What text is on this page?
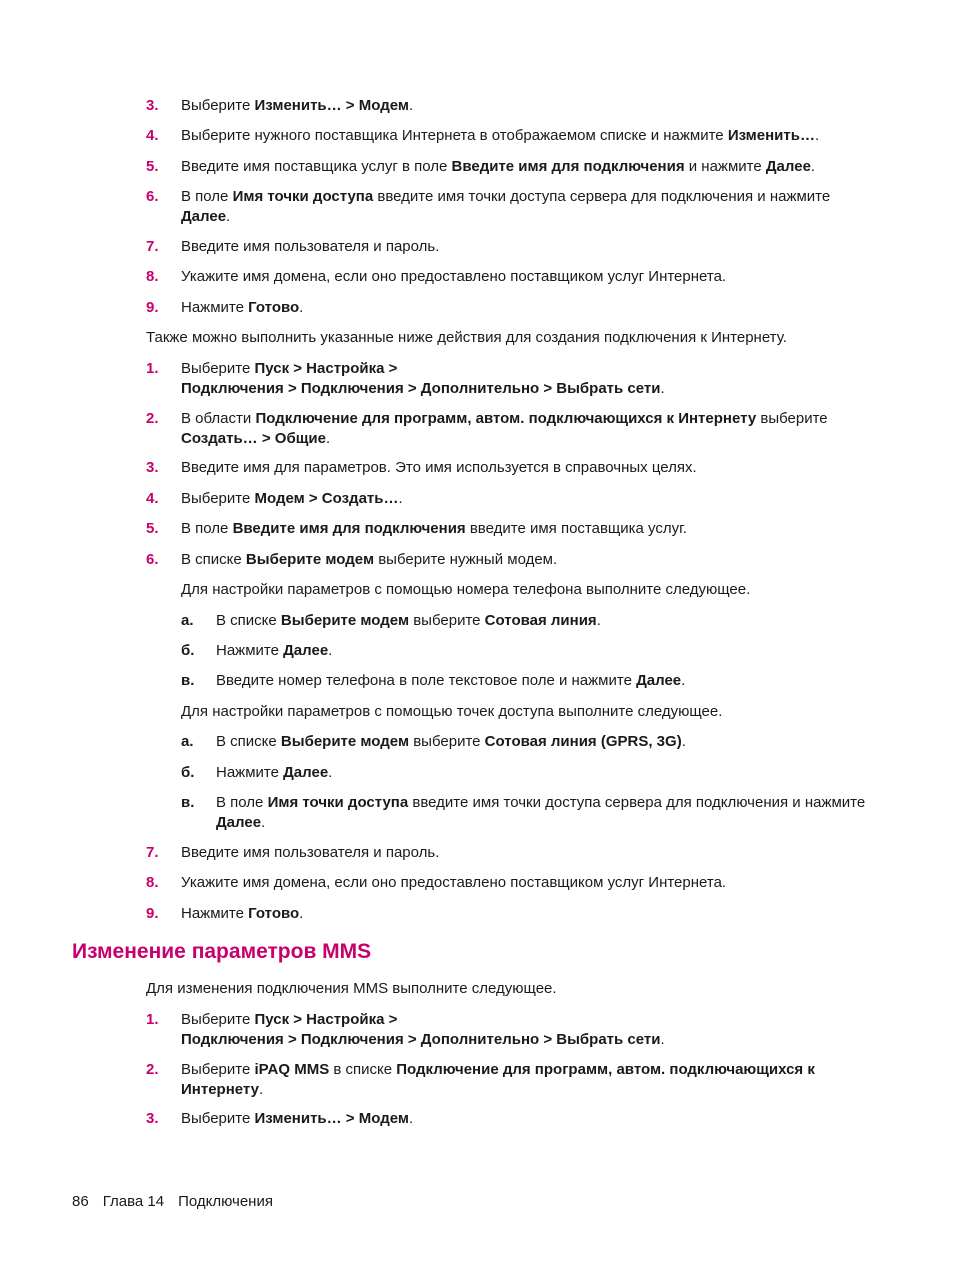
3.	Выберите Изменить… > Модем.
4.	Выберите нужного поставщика Интернета в отображаемом списке и нажмите Изменить….
5.	Введите имя поставщика услуг в поле Введите имя для подключения и нажмите Далее.
6.	В поле Имя точки доступа введите имя точки доступа сервера для подключения и нажмите Далее.
7.	Введите имя пользователя и пароль.
8.	Укажите имя домена, если оно предоставлено поставщиком услуг Интернета.
9.	Нажмите Готово.
Также можно выполнить указанные ниже действия для создания подключения к Интернету.
1.	Выберите Пуск > Настройка >
Подключения > Подключения > Дополнительно > Выбрать сети.
2.	В области Подключение для программ, автом. подключающихся к Интернету выберите Создать… > Общие.
3.	Введите имя для параметров. Это имя используется в справочных целях.
4.	Выберите Модем > Создать….
5.	В поле Введите имя для подключения введите имя поставщика услуг.
6.	В списке Выберите модем выберите нужный модем.
Для настройки параметров с помощью номера телефона выполните следующее.
а.	В списке Выберите модем выберите Сотовая линия.
б.	Нажмите Далее.
в.	Введите номер телефона в поле текстовое поле и нажмите Далее.
Для настройки параметров с помощью точек доступа выполните следующее.
а.	В списке Выберите модем выберите Сотовая линия (GPRS, 3G).
б.	Нажмите Далее.
в.	В поле Имя точки доступа введите имя точки доступа сервера для подключения и нажмите Далее.
7.	Введите имя пользователя и пароль.
8.	Укажите имя домена, если оно предоставлено поставщиком услуг Интернета.
9.	Нажмите Готово.
Изменение параметров MMS
Для изменения подключения MMS выполните следующее.
1.	Выберите Пуск > Настройка >
Подключения > Подключения > Дополнительно > Выбрать сети.
2.	Выберите iPAQ MMS в списке Подключение для программ, автом. подключающихся к Интернету.
3.	Выберите Изменить… > Модем.
86 Глава 14 Подключения
